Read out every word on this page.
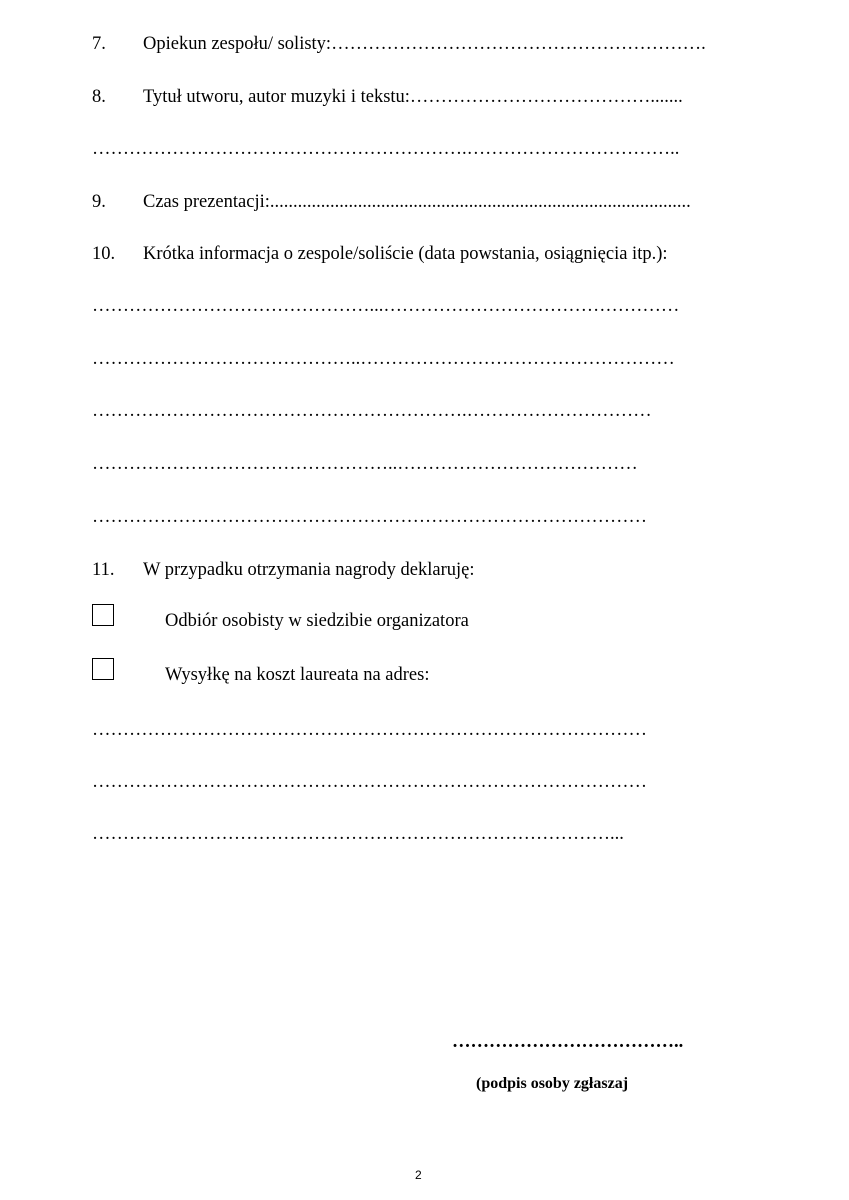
7. Opiekun zespołu/ solisty:…………………………………………………….
8. Tytuł utworu, autor muzyki i tekstu:………………………………….......
…………………………………………………….……………………………..
9. Czas prezentacji:...........................................................................................
10. Krótka informacja o zespole/soliście (data powstania, osiągnięcia itp.):
………………………………………...…………………………………………
……………………………………..……………………………………………
…………………………………………………….…………………………
…………………………………………..…………………………………
………………………………………………………………………………
11. W przypadku otrzymania nagrody deklaruję:
Odbiór osobisty w siedzibie organizatora
Wysyłkę na koszt laureata na adres:
………………………………………………………………………………
………………………………………………………………………………
…………………………………………………………………………...
………………………………..
(podpis osoby zgłaszaj
2
